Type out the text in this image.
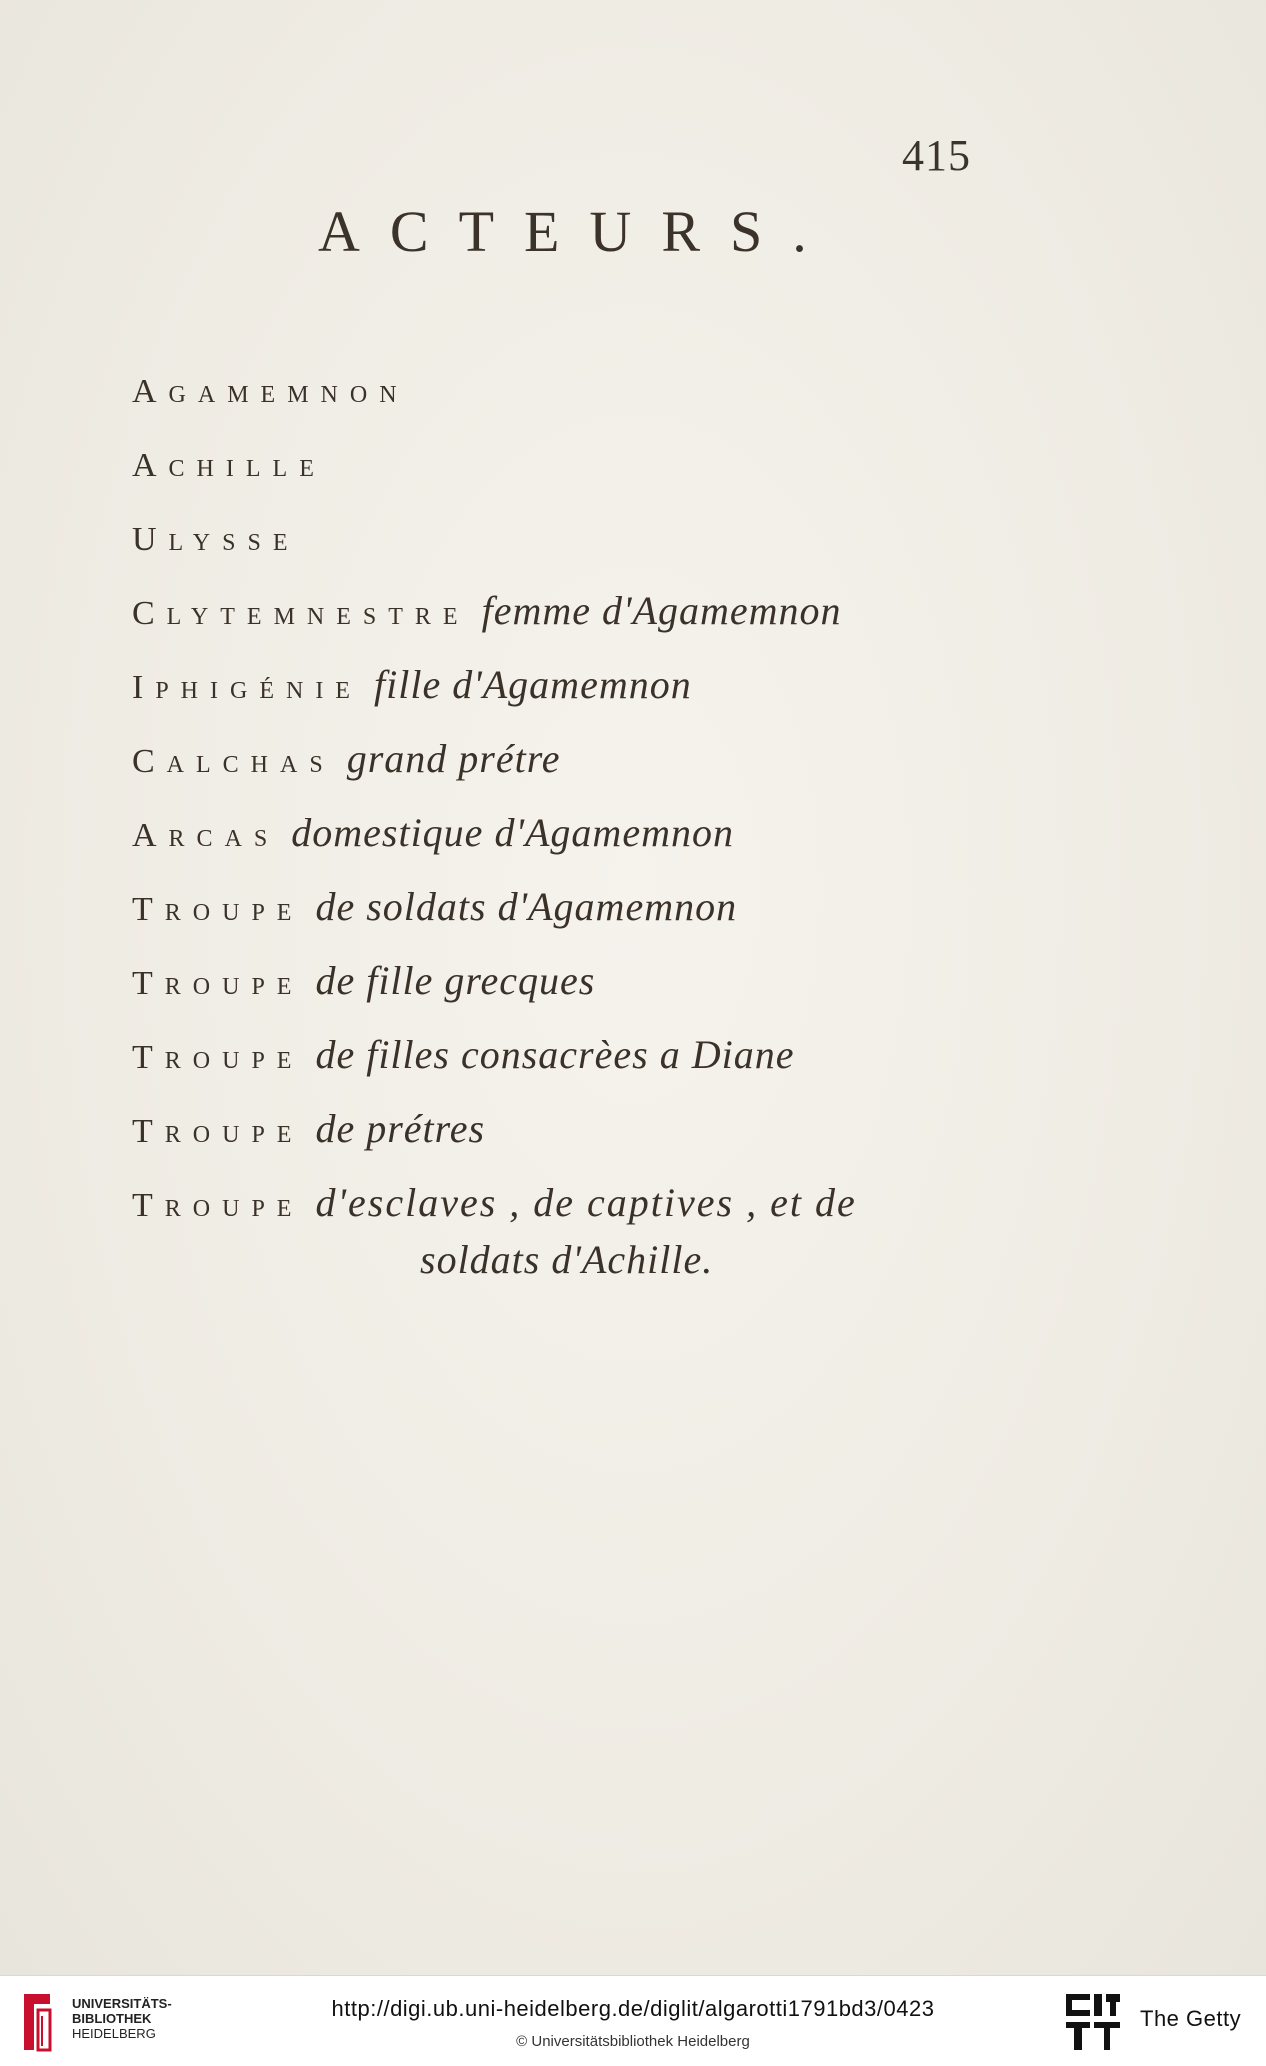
415
ACTEURS.
Agamemnon
Achille
Ulysse
Clytemnestre femme d'Agamemnon
Iphigénie fille d'Agamemnon
Calchas grand prétre
Arcas domestique d'Agamemnon
Troupe de soldats d'Agamemnon
Troupe de fille grecques
Troupe de filles consacrèes a Diane
Troupe de prétres
Troupe d'esclaves , de captives , et de
soldats d'Achille.
UNIVERSITÄTS-
BIBLIOTHEK
HEIDELBERG
http://digi.ub.uni-heidelberg.de/diglit/algarotti1791bd3/0423
© Universitätsbibliothek Heidelberg
The Getty
